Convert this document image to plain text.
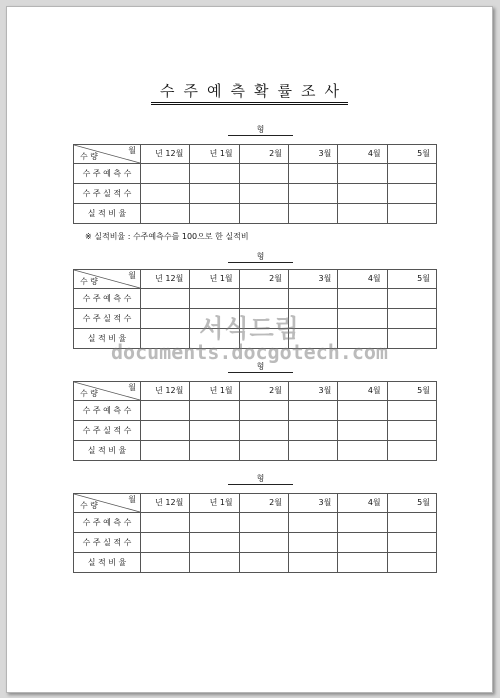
수주예측확률조사
형
월
수 량	년 12월	년 1월	2월	3월	4월	5월
수 주 예 측 수						
수 주 실 적 수						
실 적 비 율						
※ 실적비율 : 수주예측수를 100으로 한 실적비
형
월
수 량	년 12월	년 1월	2월	3월	4월	5월
수 주 예 측 수						
수 주 실 적 수						
실 적 비 율						
형
월
수 량	년 12월	년 1월	2월	3월	4월	5월
수 주 예 측 수						
수 주 실 적 수						
실 적 비 율						
형
월
수 량	년 12월	년 1월	2월	3월	4월	5월
수 주 예 측 수						
수 주 실 적 수						
실 적 비 율						
서식드림
documents.docgotech.com
